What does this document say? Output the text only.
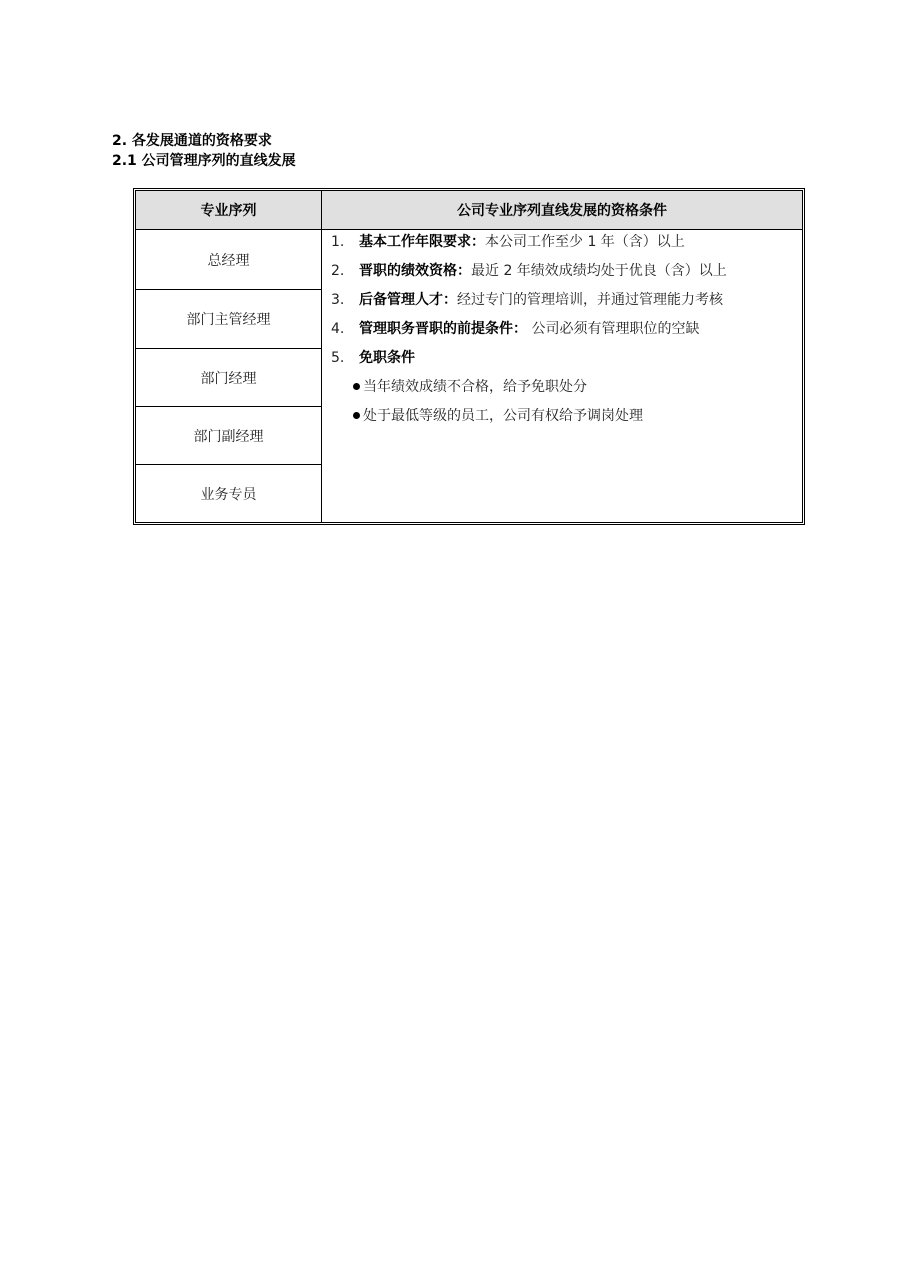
2. 各发展通道的资格要求
2.1 公司管理序列的直线发展
专业序列	公司专业序列直线发展的资格条件
总经理
部门主管经理
部门经理
部门副经理
业务专员
1. 基本工作年限要求：本公司工作至少 1 年（含）以上
2. 晋职的绩效资格：最近 2 年绩效成绩均处于优良（含）以上
3. 后备管理人才：经过专门的管理培训，并通过管理能力考核
4. 管理职务晋职的前提条件： 公司必须有管理职位的空缺
5. 免职条件
当年绩效成绩不合格，给予免职处分
处于最低等级的员工，公司有权给予调岗处理
